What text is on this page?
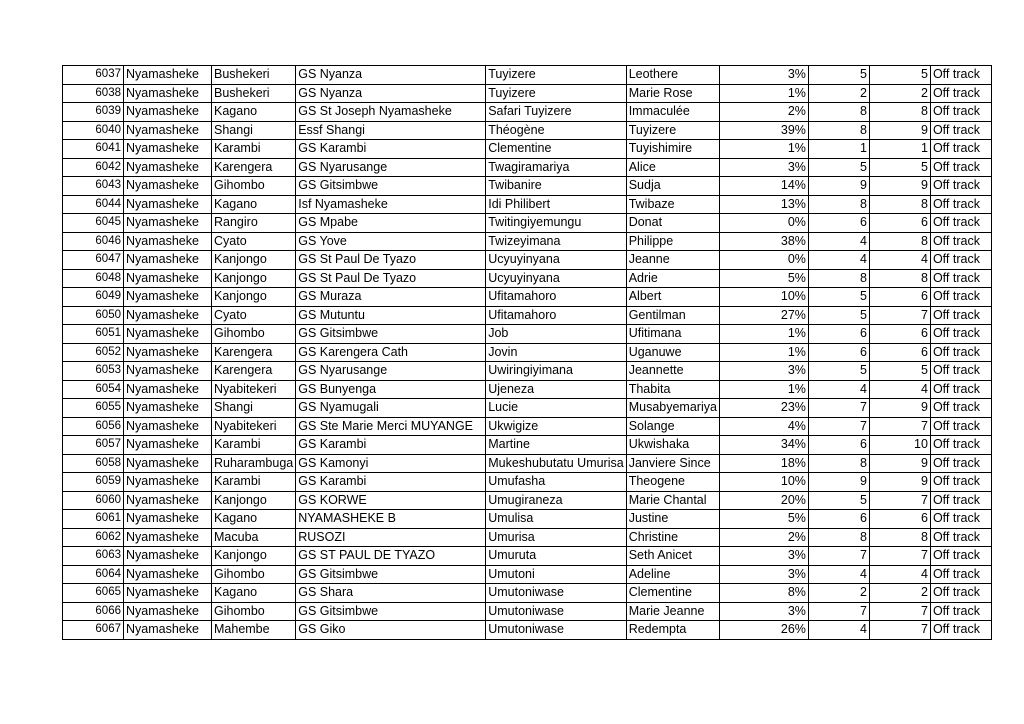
6037	Nyamasheke	Bushekeri	GS Nyanza	Tuyizere	Leothere	3%	5	5	Off track
6038	Nyamasheke	Bushekeri	GS Nyanza	Tuyizere	Marie Rose	1%	2	2	Off track
6039	Nyamasheke	Kagano	GS St Joseph Nyamasheke	Safari Tuyizere	Immaculée	2%	8	8	Off track
6040	Nyamasheke	Shangi	Essf Shangi	Théogène	Tuyizere	39%	8	9	Off track
6041	Nyamasheke	Karambi	GS Karambi	Clementine	Tuyishimire	1%	1	1	Off track
6042	Nyamasheke	Karengera	GS Nyarusange	Twagiramariya	Alice	3%	5	5	Off track
6043	Nyamasheke	Gihombo	GS Gitsimbwe	Twibanire	Sudja	14%	9	9	Off track
6044	Nyamasheke	Kagano	Isf Nyamasheke	Idi Philibert	Twibaze	13%	8	8	Off track
6045	Nyamasheke	Rangiro	GS Mpabe	Twitingiyemungu	Donat	0%	6	6	Off track
6046	Nyamasheke	Cyato	GS Yove	Twizeyimana	Philippe	38%	4	8	Off track
6047	Nyamasheke	Kanjongo	GS St Paul De Tyazo	Ucyuyinyana	Jeanne	0%	4	4	Off track
6048	Nyamasheke	Kanjongo	GS St Paul De Tyazo	Ucyuyinyana	Adrie	5%	8	8	Off track
6049	Nyamasheke	Kanjongo	GS Muraza	Ufitamahoro	Albert	10%	5	6	Off track
6050	Nyamasheke	Cyato	GS Mutuntu	Ufitamahoro	Gentilman	27%	5	7	Off track
6051	Nyamasheke	Gihombo	GS Gitsimbwe	Job	Ufitimana	1%	6	6	Off track
6052	Nyamasheke	Karengera	GS Karengera Cath	Jovin	Uganuwe	1%	6	6	Off track
6053	Nyamasheke	Karengera	GS Nyarusange	Uwiringiyimana	Jeannette	3%	5	5	Off track
6054	Nyamasheke	Nyabitekeri	GS Bunyenga	Ujeneza	Thabita	1%	4	4	Off track
6055	Nyamasheke	Shangi	GS Nyamugali	Lucie	Musabyemariya	23%	7	9	Off track
6056	Nyamasheke	Nyabitekeri	GS Ste Marie Merci MUYANGE	Ukwigize	Solange	4%	7	7	Off track
6057	Nyamasheke	Karambi	GS Karambi	Martine	Ukwishaka	34%	6	10	Off track
6058	Nyamasheke	Ruharambuga	GS Kamonyi	Mukeshubutatu Umurisa	Janviere Since	18%	8	9	Off track
6059	Nyamasheke	Karambi	GS Karambi	Umufasha	Theogene	10%	9	9	Off track
6060	Nyamasheke	Kanjongo	GS KORWE	Umugiraneza	Marie Chantal	20%	5	7	Off track
6061	Nyamasheke	Kagano	NYAMASHEKE B	Umulisa	Justine	5%	6	6	Off track
6062	Nyamasheke	Macuba	RUSOZI	Umurisa	Christine	2%	8	8	Off track
6063	Nyamasheke	Kanjongo	GS ST PAUL DE TYAZO	Umuruta	Seth Anicet	3%	7	7	Off track
6064	Nyamasheke	Gihombo	GS Gitsimbwe	Umutoni	Adeline	3%	4	4	Off track
6065	Nyamasheke	Kagano	GS Shara	Umutoniwase	Clementine	8%	2	2	Off track
6066	Nyamasheke	Gihombo	GS Gitsimbwe	Umutoniwase	Marie Jeanne	3%	7	7	Off track
6067	Nyamasheke	Mahembe	GS Giko	Umutoniwase	Redempta	26%	4	7	Off track
